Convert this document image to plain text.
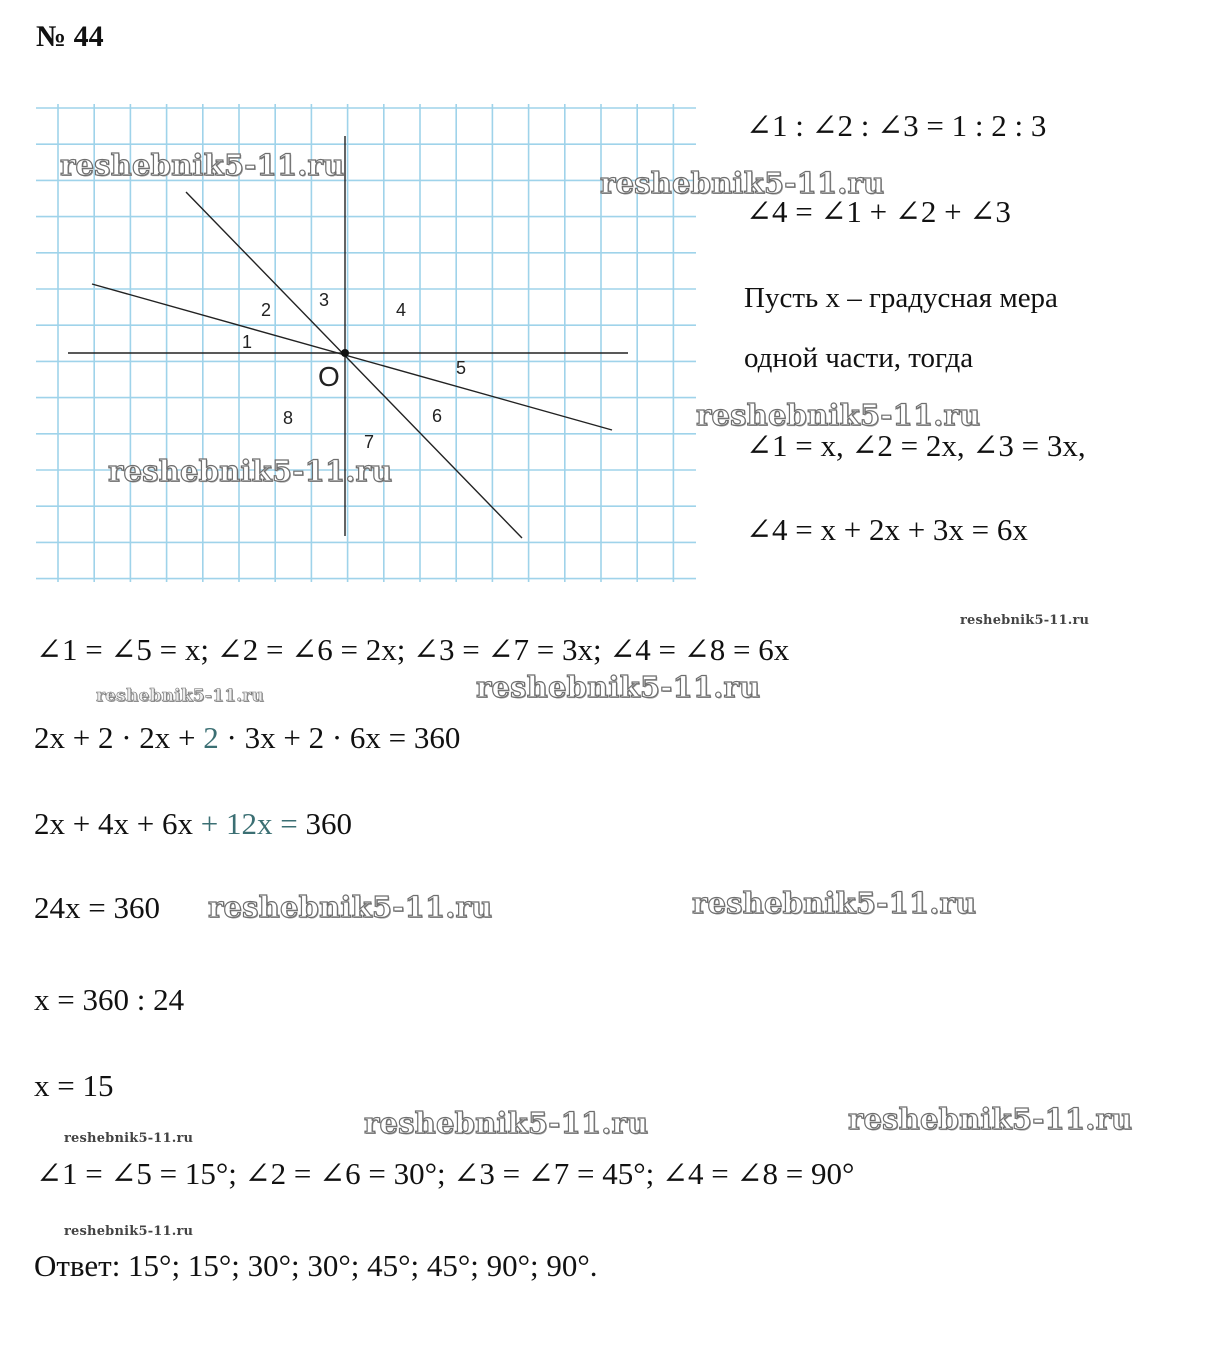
№ 44
O
1
2	3	4
5
6
7
8
∠1 : ∠2 : ∠3 = 1 : 2 : 3
∠4 = ∠1 + ∠2 + ∠3
Пусть x – градусная мера
одной части, тогда
∠1 = x, ∠2 = 2x, ∠3 = 3x,
∠4 = x + 2x + 3x = 6x
∠1 = ∠5 = x; ∠2 = ∠6 = 2x; ∠3 = ∠7 = 3x; ∠4 = ∠8 = 6x
2x + 2 · 2x + 2 · 3x + 2 · 6x = 360
2x + 4x + 6x + 12x = 360
24x = 360
x = 360 : 24
x = 15
∠1 = ∠5 = 15°; ∠2 = ∠6 = 30°; ∠3 = ∠7 = 45°; ∠4 = ∠8 = 90°
Ответ: 15°; 15°; 30°; 30°; 45°; 45°; 90°; 90°.
reshebnik5-11.ru
reshebnik5-11.ru
reshebnik5-11.ru
reshebnik5-11.ru
reshebnik5-11.ru
reshebnik5-11.ru	reshebnik5-11.ru
reshebnik5-11.ru	reshebnik5-11.ru
reshebnik5-11.ru	reshebnik5-11.ru
reshebnik5-11.ru
reshebnik5-11.ru
